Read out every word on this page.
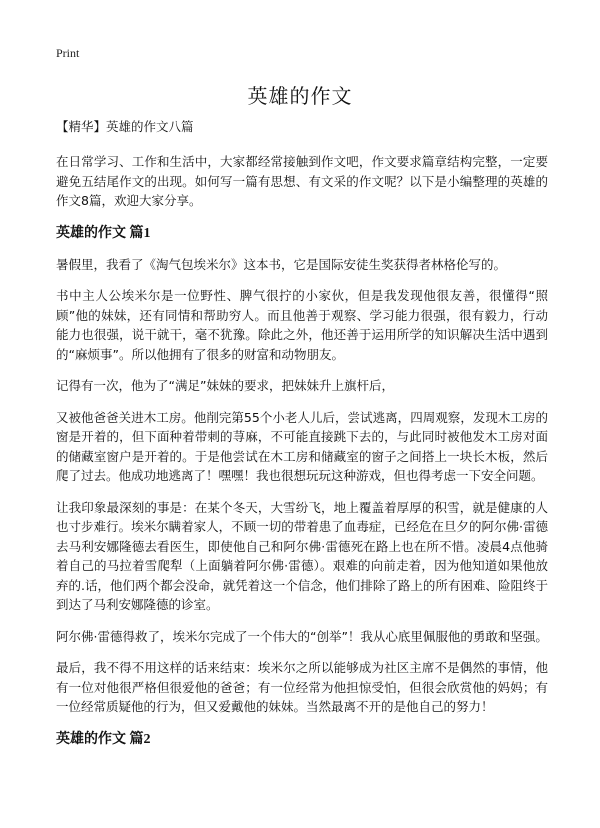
Print
英雄的作文
【精华】英雄的作文八篇

在日常学习、工作和生活中，大家都经常接触到作文吧，作文要求篇章结构完整，一定要避免五结尾作文的出现。如何写一篇有思想、有文采的作文呢？以下是小编整理的英雄的作文8篇，欢迎大家分享。

英雄的作文 篇1

暑假里，我看了《淘气包埃米尔》这本书，它是国际安徒生奖获得者林格伦写的。

书中主人公埃米尔是一位野性、脾气很拧的小家伙，但是我发现他很友善，很懂得“照顾”他的妹妹，还有同情和帮助穷人。而且他善于观察、学习能力很强，很有毅力，行动能力也很强，说干就干，毫不犹豫。除此之外，他还善于运用所学的知识解决生活中遇到的“麻烦事”。所以他拥有了很多的财富和动物朋友。

记得有一次，他为了“满足”妹妹的要求，把妹妹升上旗杆后，

又被他爸爸关进木工房。他削完第55个小老人儿后，尝试逃离，四周观察，发现木工房的窗是开着的，但下面种着带刺的荨麻，不可能直接跳下去的，与此同时被他发木工房对面的储藏室窗户是开着的。于是他尝试在木工房和储藏室的窗子之间搭上一块长木板，然后爬了过去。他成功地逃离了！嘿嘿！我也很想玩玩这种游戏，但也得考虑一下安全问题。

让我印象最深刻的事是：在某个冬天，大雪纷飞，地上覆盖着厚厚的积雪，就是健康的人也寸步难行。埃米尔瞒着家人，不顾一切的带着患了血毒症，已经危在旦夕的阿尔佛·雷德去马利安娜隆德去看医生，即使他自己和阿尔佛·雷德死在路上也在所不惜。凌晨4点他骑着自己的马拉着雪爬犁（上面躺着阿尔佛·雷德）。艰难的向前走着，因为他知道如果他放弃的.话，他们两个都会没命，就凭着这一个信念，他们排除了路上的所有困难、险阻终于到达了马利安娜隆德的诊室。

阿尔佛·雷德得救了，埃米尔完成了一个伟大的“创举”！我从心底里佩服他的勇敢和坚强。

最后，我不得不用这样的话来结束：埃米尔之所以能够成为社区主席不是偶然的事情，他有一位对他很严格但很爱他的爸爸；有一位经常为他担惊受怕，但很会欣赏他的妈妈；有一位经常质疑他的行为，但又爱戴他的妹妹。当然最离不开的是他自己的努力！

英雄的作文 篇2
